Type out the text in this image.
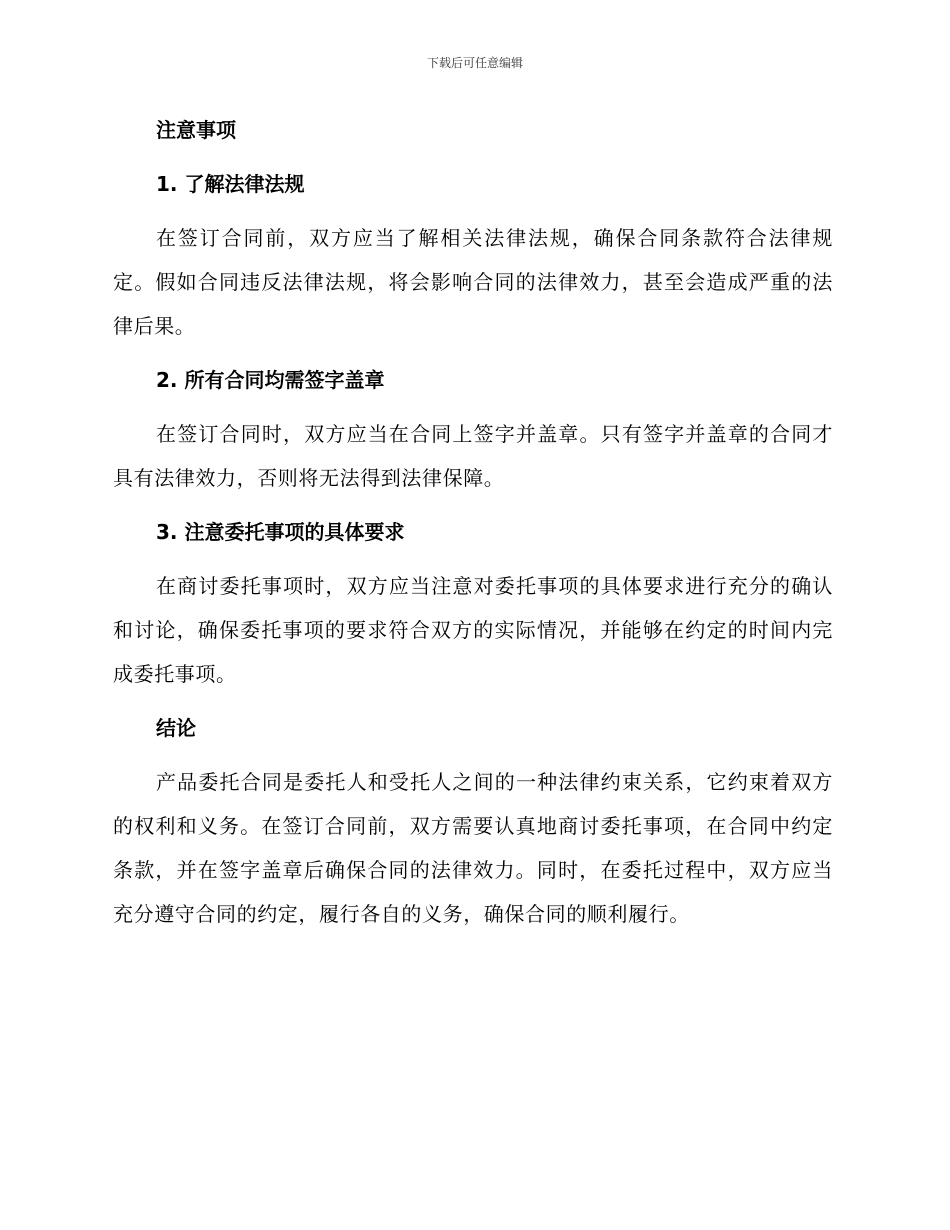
下载后可任意编辑
注意事项
1. 了解法律法规

在签订合同前，双方应当了解相关法律法规，确保合同条款符合法律规定。假如合同违反法律法规，将会影响合同的法律效力，甚至会造成严重的法律后果。

2. 所有合同均需签字盖章

在签订合同时，双方应当在合同上签字并盖章。只有签字并盖章的合同才具有法律效力，否则将无法得到法律保障。

3. 注意委托事项的具体要求

在商讨委托事项时，双方应当注意对委托事项的具体要求进行充分的确认和讨论，确保委托事项的要求符合双方的实际情况，并能够在约定的时间内完成委托事项。

结论

产品委托合同是委托人和受托人之间的一种法律约束关系，它约束着双方的权利和义务。在签订合同前，双方需要认真地商讨委托事项，在合同中约定条款，并在签字盖章后确保合同的法律效力。同时，在委托过程中，双方应当充分遵守合同的约定，履行各自的义务，确保合同的顺利履行。
